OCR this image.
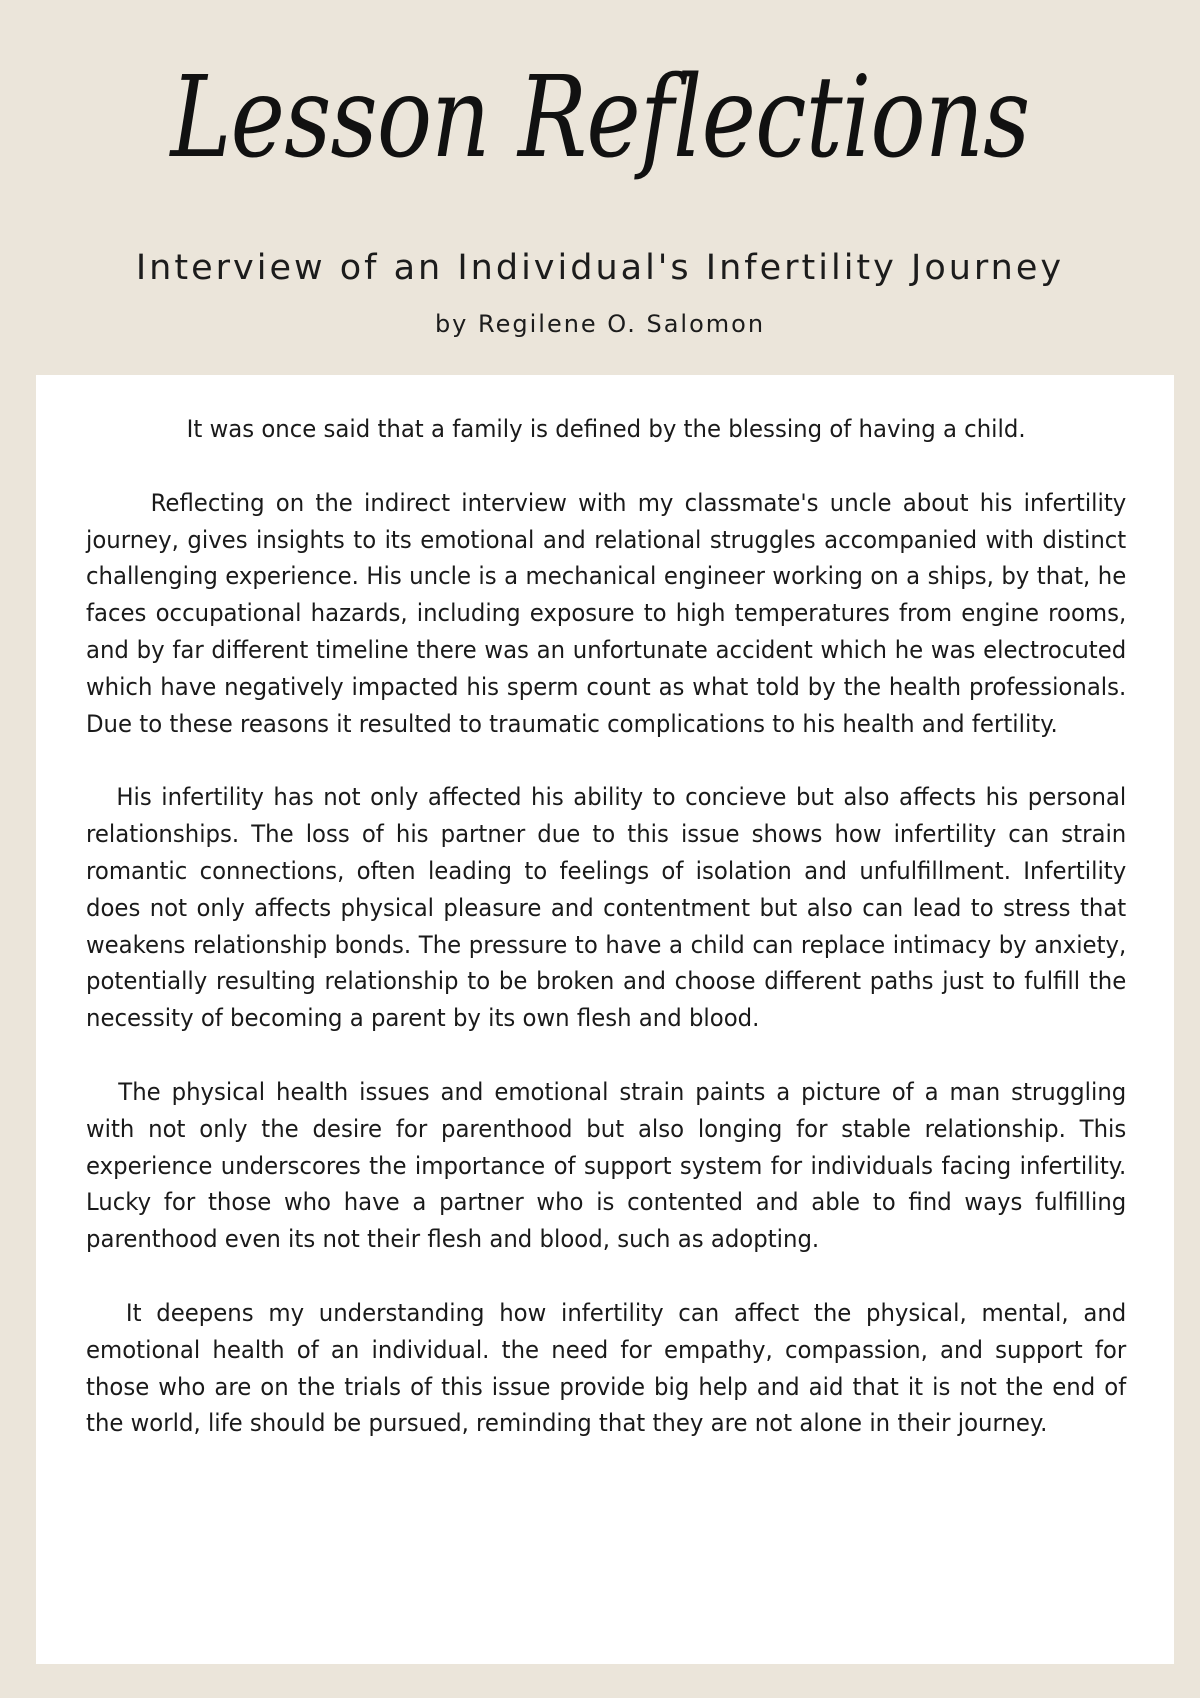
Lesson Reflections
Interview of an Individual's Infertility Journey
by Regilene O. Salomon

It was once said that a family is defined by the blessing of having a child.

Reflecting on the indirect interview with my classmate's uncle about his infertility journey, gives insights to its emotional and relational struggles accompanied with distinct challenging experience. His uncle is a mechanical engineer working on a ships, by that, he faces occupational hazards, including exposure to high temperatures from engine rooms, and by far different timeline there was an unfortunate accident which he was electrocuted which have negatively impacted his sperm count as what told by the health professionals. Due to these reasons it resulted to traumatic complications to his health and fertility.

His infertility has not only affected his ability to concieve but also affects his personal relationships. The loss of his partner due to this issue shows how infertility can strain romantic connections, often leading to feelings of isolation and unfulfillment. Infertility does not only affects physical pleasure and contentment but also can lead to stress that weakens relationship bonds. The pressure to have a child can replace intimacy by anxiety, potentially resulting relationship to be broken and choose different paths just to fulfill the necessity of becoming a parent by its own flesh and blood.

The physical health issues and emotional strain paints a picture of a man struggling with not only the desire for parenthood but also longing for stable relationship. This experience underscores the importance of support system for individuals facing infertility. Lucky for those who have a partner who is contented and able to find ways fulfilling parenthood even its not their flesh and blood, such as adopting.

It deepens my understanding how infertility can affect the physical, mental, and emotional health of an individual. the need for empathy, compassion, and support for those who are on the trials of this issue provide big help and aid that it is not the end of the world, life should be pursued, reminding that they are not alone in their journey.
